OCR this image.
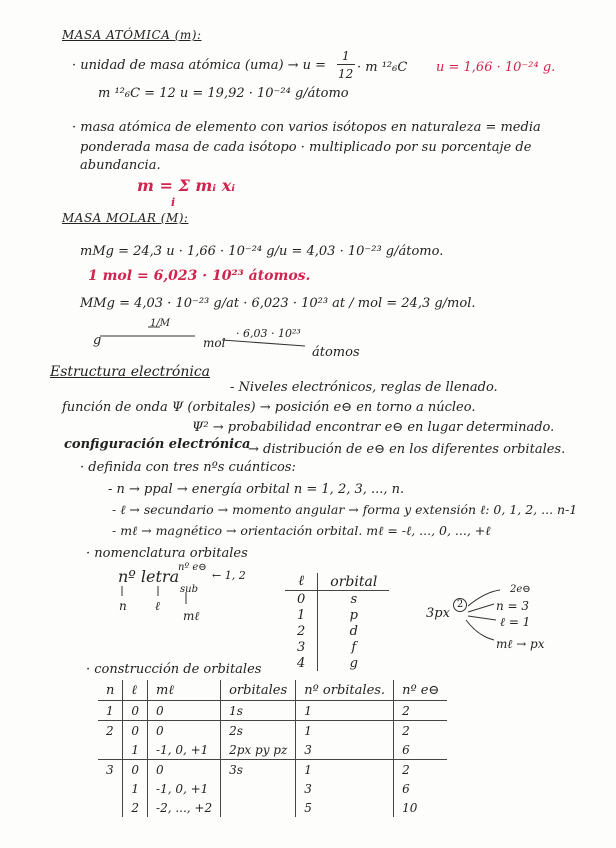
MASA ATÓMICA (m):
· unidad de masa atómica (uma) → u =
1
12 · m ¹²₆C u = 1,66 · 10⁻²⁴ g.
m ¹²₆C = 12 u = 19,92 · 10⁻²⁴ g/átomo
· masa atómica de elemento con varios isótopos en naturaleza = media
ponderada masa de cada isótopo · multiplicado por su porcentaje de
abundancia.
m = Σ mᵢ xᵢ
i
MASA MOLAR (M):
mMg = 24,3 u · 1,66 · 10⁻²⁴ g/u = 4,03 · 10⁻²³ g/átomo.
1 mol = 6,023 · 10²³ átomos.
MMg = 4,03 · 10⁻²³ g/at · 6,023 · 10²³ at / mol = 24,3 g/mol.
g
1/M
mol
· 6,03 · 10²³
átomos
Estructura electrónica
- Niveles electrónicos, reglas de llenado.
función de onda Ψ (orbitales) → posición e⊖ en torno a núcleo.
Ψ² → probabilidad encontrar e⊖ en lugar determinado.
configuración electrónica
→ distribución de e⊖ en los diferentes orbitales.
· definida con tres nºs cuánticos:
- n → ppal → energía orbital n = 1, 2, 3, ..., n.
- ℓ → secundario → momento angular → forma y extensión ℓ: 0, 1, 2, ... n-1
- mℓ → magnético → orientación orbital. mℓ = -ℓ, ..., 0, ..., +ℓ
· nomenclatura orbitales
nº letra
nº e⊖
sub
← 1, 2
n ℓ
mℓ
ℓ	orbital
0	s
1	p
2	d
3	f
4	g
3px
2
2e⊖
n = 3
ℓ = 1
mℓ → px
· construcción de orbitales
n	ℓ	mℓ	orbitales	nº orbitales.	nº e⊖
1	0	0	1s	1	2
2	0	0	2s	1	2
	1	-1, 0, +1	2px py pz	3	6
3	0	0	3s	1	2
	1	-1, 0, +1		3	6
	2	-2, ..., +2		5	10
